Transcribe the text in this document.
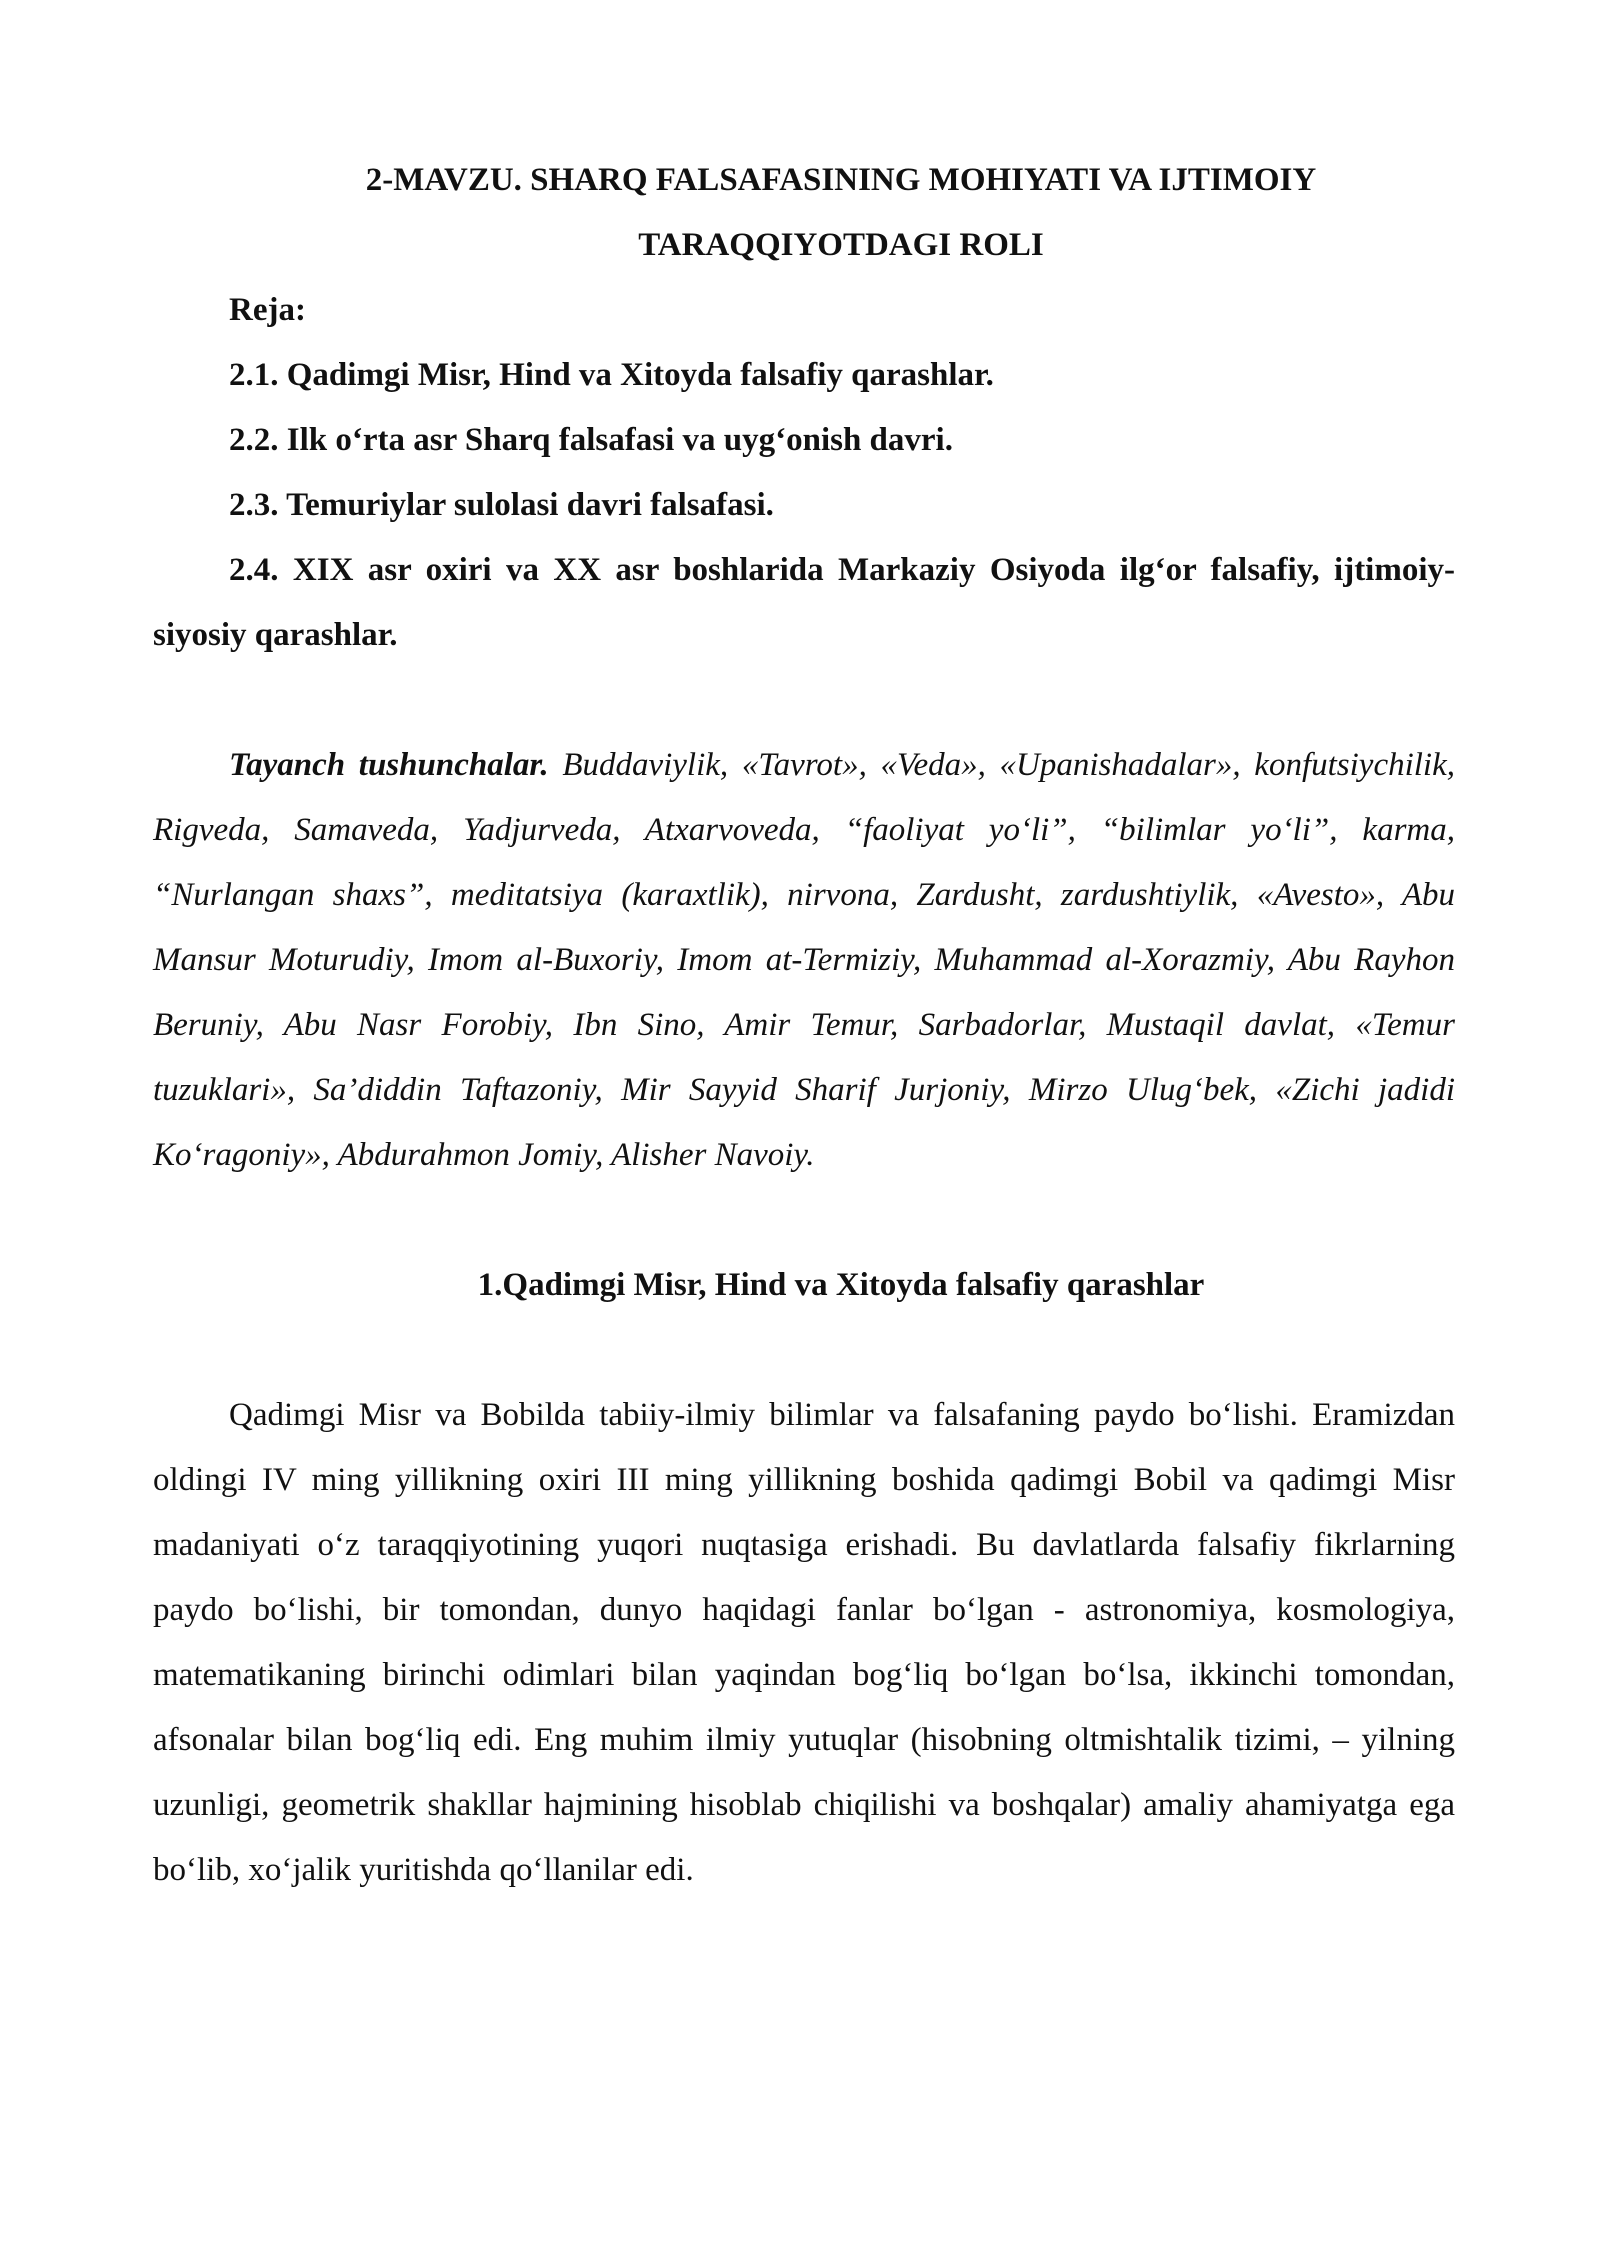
2-MAVZU. SHARQ FALSAFASINING MOHIYATI VA IJTIMOIY
TARAQQIYOTDAGI ROLI

Reja:

2.1. Qadimgi Misr, Hind va Xitoyda falsafiy qarashlar.

2.2. Ilk o‘rta asr Sharq falsafasi va uyg‘onish davri.

2.3. Temuriylar sulolasi davri falsafasi.

2.4. XIX asr oxiri va XX asr boshlarida Markaziy Osiyoda ilg‘or falsafiy, ijtimoiy-siyosiy qarashlar.

Tayanch tushunchalar. Buddaviylik, «Tavrot», «Veda», «Upanishadalar», konfutsiychilik, Rigveda, Samaveda, Yadjurveda, Atxarvoveda, “faoliyat yo‘li”, “bilimlar yo‘li”, karma, “Nurlangan shaxs”, meditatsiya (karaxtlik), nirvona, Zardusht, zardushtiylik, «Avesto», Abu Mansur Moturudiy, Imom al-Buxoriy, Imom at-Termiziy, Muhammad al-Xorazmiy, Abu Rayhon Beruniy, Abu Nasr Forobiy, Ibn Sino, Amir Temur, Sarbadorlar, Mustaqil davlat, «Temur tuzuklari», Sa’diddin Taftazoniy, Mir Sayyid Sharif Jurjoniy, Mirzo Ulug‘bek, «Zichi jadidi Ko‘ragoniy», Abdurahmon Jomiy, Alisher Navoiy.

1.Qadimgi Misr, Hind va Xitoyda falsafiy qarashlar

Qadimgi Misr va Bobilda tabiiy-ilmiy bilimlar va falsafaning paydo bo‘lishi. Eramizdan oldingi IV ming yillikning oxiri III ming yillikning boshida qadimgi Bobil va qadimgi Misr madaniyati o‘z taraqqiyotining yuqori nuqtasiga erishadi. Bu davlatlarda falsafiy fikrlarning paydo bo‘lishi, bir tomondan, dunyo haqidagi fanlar bo‘lgan - astronomiya, kosmologiya, matematikaning birinchi odimlari bilan yaqindan bog‘liq bo‘lgan bo‘lsa, ikkinchi tomondan, afsonalar bilan bog‘liq edi. Eng muhim ilmiy yutuqlar (hisobning oltmishtalik tizimi, – yilning uzunligi, geometrik shakllar hajmining hisoblab chiqilishi va boshqalar) amaliy ahamiyatga ega bo‘lib, xo‘jalik yuritishda qo‘llanilar edi.
